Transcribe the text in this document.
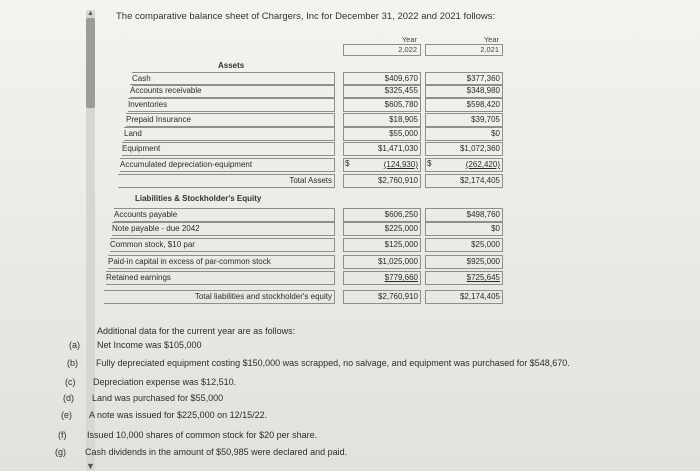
▲
▼
The comparative balance sheet of Chargers, Inc for December 31, 2022 and 2021 follows:
Year
2,022
Year
2,021
Assets
Cash	$409,670	$377,360
Accounts receivable	$325,455	$348,980
Inventories	$605,780	$598,420
Prepaid Insurance	$18,905	$39,705
Land	$55,000	$0
Equipment	$1,471,030	$1,072,360
Accumulated depreciation-equipment	$	(124,930)	$	(262,420)
Total Assets	$2,760,910	$2,174,405
Liabilities & Stockholder's Equity
Accounts payable	$606,250	$498,760
Note payable - due 2042	$225,000	$0
Common stock, $10 par	$125,000	$25,000
Paid-in capital in excess of par-common stock	$1,025,000	$925,000
Retained earnings	$779,660	$725,645
Total liabilities and stockholder's equity	$2,760,910	$2,174,405
Additional data for the current year are as follows:
(a) Net Income was $105,000
(b) Fully depreciated equipment costing $150,000 was scrapped, no salvage, and equipment was purchased for $548,670.
(c) Depreciation expense was $12,510.
(d) Land was purchased for $55,000
(e) A note was issued for $225,000 on 12/15/22.
(f) Issued 10,000 shares of common stock for $20 per share.
(g) Cash dividends in the amount of $50,985 were declared and paid.
